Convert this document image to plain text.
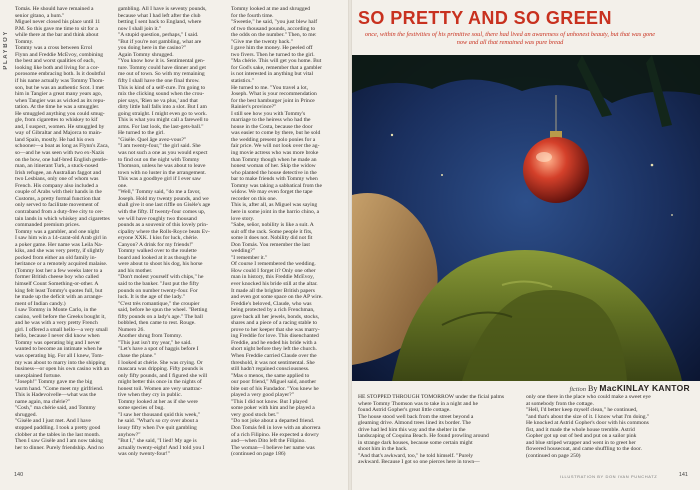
PLAYBOY
Tomás. He should have remained a
senior gitano, a hum."
Miguel never closed his place until 11
P.M. So this gave me time to sit for a
while there at the bar and think about
Tommy.
Tommy was a cross between Errol
Flynn and Freddie McEvoy, combining
the best and worst qualities of each,
looking like both and living for a cor-
porosome embracing both. Is it doubtful
if his name actually was Tommy Thom-
son, but he was an authentic Scot. I met
him in Tangier a great many years ago,
when Tangier was as wicked as its repu-
tation. At the time he was a smuggler.
He smuggled anything you could smug-
gle, from cigarettes to whiskey to kif
and, I suspect, women. He smuggled by
way of Gibraltar and Majorca to main-
land Spain, mostly. He had his own
schooner—a boat as long as Flynn's Zaca,
so—and he was seen with two ex-Nazis
on the bow, one half-bred English gentle-
man, an itinerant Turk, a stuck-nosed
Irish refugee, an Australian faggot and
two Lesbians, only one of whom was
French. His company also included a
couple of Arabs with their hands in the
Customs, a pretty formal function that
only served to facilitate movement of
contraband from a duty-free city to cer-
tain lands in which whiskey and cigarettes
commanded premium prices.
Tommy was a gambler, and one night
I saw him win a 14-carat-old Arab girl in
a poker game. Her name was Leila Na-
kiks, and she was very pretty, if slightly
pocked from either an old family in-
heritance or a remotely acquired malaise.
(Tommy lost her a few weeks later to a
former British cheese boy who called
himself Count Something-or-other. A
king felt least Tommy's quotes full, but
he made up the deficit with an arrange-
ment of Indian candy.)
I saw Tommy in Monte Carlo, in the
casino, well before the Greeks bought it,
and he was with a very pretty French
girl. I offered a small hello—a very small
hello, because I never did know when
Tommy was operating big and I never
wanted to become an intimate when he
was operating big. For all I knew, Tom-
my was about to marry into the shipping
business—or open his own casino with an
unexplained fortune.
"Joseph!" Tommy gave me the big
warm hand. "Come meet my girlfriend.
This is Hadevoivelle—what was the
name again, ma chérie?"
"Cosh," ma chérie said, and Tommy
shrugged.
"Gisèle and I just met. And I have
stopped paddling. I took a pretty good
clobber at the tables in the last month.
Then I saw Gisèle and I am now taking
her to dinner. Purely friendship. And no
gambling. All I have is seventy pounds,
because what I had left after the club
betting I sent back to England, where
now I shall join it."
"A stupid question, perhaps," I said.
"But if you're not gambling, what are
you doing here in the casino?"
Again Tommy shrugged.
"You know how it is. Sentimental gen-
ture. Tommy could have dinner and get
me out of town. So with my remaining
fifty I shall have the one final throw.
This is kind of a self-cure. I'm going to
mix the clicking sound when the crou-
pier says, 'Rien ne va plus,' and that
dirty little ball falls into a slot. But I am
going straight. I might even go to work.
This is what you might call a farewell to
arms. For last look, the last-gets-ball."
He turned to the girl.
"Gisèle. Quel âge avez-vous?"
"I am twenty-four," the girl said. She
was not such a one as you would expect
to find out on the night with Tommy
Thomson, unless he was about to leave
town with no luster in the arrangement.
This was a goodbye girl if I ever saw
one.
"Well," Tommy said, "do me a favor,
Joseph. Hold my twenty pounds, and we
shall give it one last riffle on Gisèle's age
with the fifty. If twenty-four comes up,
we will have roughly two thousand
pounds as a souvenir of this lovely prin-
cipality where the Rolls-Royce beats Ev-
eryone XXK. I kiss for luck, chérie.
Canyon? A drink for my friends!"
Tommy walked over to the roulette
board and looked at it as though he
were about to shoot his dog, his horse
and his mother.
"Don't molest yourself with chips," he
said to the banker. "Just put the fifty
pounds on number twenty-four. For
luck. It is the age of the lady."
"C'est très romantique," the croupier
said, before he spun the wheel. "Betting
fifty pounds on a lady's age." The ball
bobbled, then came to rest. Rouge.
Numero 26.
Another shrug from Tommy.
"This just isn't my year," he said.
"Let's have a spot of haggis before I
chase the plane."
I looked at chérie. She was crying. Or
mascara was dripping. Fifty pounds is
only fifty pounds, and I figured she will
might better this once in the nights of
honest toil. Women are very unattrac-
tive when they cry in public.
Tommy looked at her as if she were
some species of bug.
"I saw her thousand quid this week,"
he said. "What's so cry over about a
lousy fifty when I've quit gambling
anyhow?"
"But I," she said, "I lied! My age is
actually twenty-eight! And I told you I
was only twenty-four!"
Tommy looked at me and shrugged
for the fourth time.
"Sweetie," he said, "you just blew half
of two thousand pounds, according to
the odds on the number." Then, to me:
"Give me the twenty back."
I gave him the money. He peeled off
two fivers. Then he turned to the girl.
"Ma chérie. This will get you home. But
for God's sake, remember that a gambler
is not interested in anything but vital
statistics."
He turned to me. "You travel a lot,
Joseph. What is your recommendation
for the best hamburger joint in Prince
Rainier's province?"
I still see how you with Tommy's
marriage to the heiress who had the
house in the Costa, because the door
was easier to come by there, but he sold
the wedding present polo ponies for a
fair price. We will not look over the ag-
ing movie actress who was more broke
than Tommy though when he made an
honest woman of her. Skip the widow
who planted the house detective in the
bar to make friends with Tommy when
Tommy was taking a sabbatical from the
widow. We may even forget the tape
recorder on this one.
This is, after all, as Miguel was saying
here in some joint in the barrio chino, a
love story.
"Sabe, señor, nobility is like a suit. A
suit off the rack. Some people it fits,
some it does not. Nobility did not fit
Don Tomás. You remember the last
wedding?"
"I remember it."
Of course I remembered the wedding.
How could I forget it? Only one other
man in history, this Freddie McEvoy,
ever knocked his bride still at the altar.
It made all the brighter British papers
and even got some space on the AP wire.
Freddie's beloved, Claude, who was
being protected by a rich Frenchman,
gave back all her jewels, bonds, stocks,
shares and a piece of a racing stable to
prove to her keeper that she was marry-
ing Freddie for love. This disenchanted
Freddie, and he ended his bride with a
short night before they left the church.
When Freddie carried Claude over the
threshold, it was not sentimental. She
still hadn't regained consciousness.
"Mas o menos, the same applied to
our poor friend," Miguel said, another
bite out of his Fundador. "You knew he
played a very good player?"
"This I did not know. But I played
some poker with him and he played a
very good stock bet."
"Do not joke about a departed friend.
Don Tomás fell in love with an ahorrera
of a rich Filipino. He expected a dowry
and—when Dito left the Filipino.
The woman—I believe her name was
(continued on page 186)
140
SO PRETTY AND SO GREEN
once, within the festivities of his primitive soul, there had lived an awareness of unhonest beauty, but that was gone now and all that remained was pure bread
fiction By MacKINLAY KANTOR
HE STOPPED THROUGH TOMORROW under the ficial palms
where Tommy Thomson was to take in a night and he
found Astrid Gopher's great little cottage.
The house stood well back from the street beyond a
gleaming drive. Almond trees lined its border. The
drive had led him this way and the shelter in the
landscaping of Coquina Beach. He found prowling around
in strange dark houses, because some certain might
shoot him in the back.
"And that's awkward, too," he told himself. "Purely
awkward. Because I got so one pierces here in town—
only one there in the place who could make a sweet eye
at somebody from the cottage.
"Hell, I'd better keep myself clean," he continued,
"and that's about the size of it. I know what I'm doing."
He knocked at Astrid Gopher's door with his commons
fist, and it made the whole house tremble. Astrid
Gopher got up out of bed and put on a sailor pink
and blue striped wrapper and went in to greet her
flowered housecoat, and came shuffling to the door.
(continued on page 250)
ILLUSTRATION BY DON IVAN PUNCHATZ	141
